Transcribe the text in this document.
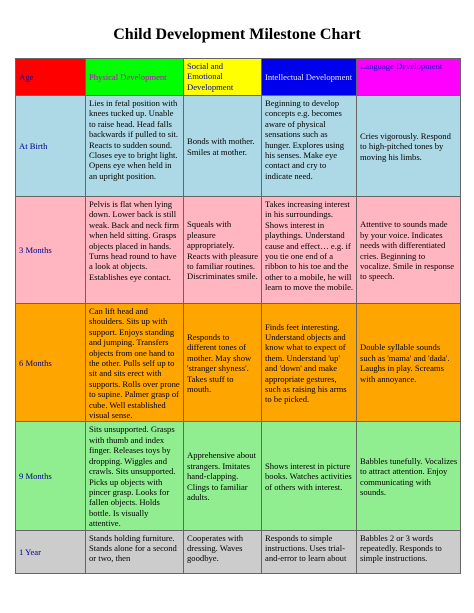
Child Development Milestone Chart
Age	Physical Development	Social and Emotional Development	Intellectual Development	Language Development
At Birth	Lies in fetal position with knees tucked up. Unable to raise head. Head falls backwards if pulled to sit. Reacts to sudden sound. Closes eye to bright light. Opens eye when held in an upright position.	Bonds with mother. Smiles at mother.	Beginning to develop concepts e.g. becomes aware of physical sensations such as hunger. Explores using his senses. Make eye contact and cry to indicate need.	Cries vigorously. Respond to high-pitched tones by moving his limbs.
3 Months	Pelvis is flat when lying down. Lower back is still weak. Back and neck firm when held sitting. Grasps objects placed in hands. Turns head round to have a look at objects. Establishes eye contact.	Squeals with pleasure appropriately. Reacts with pleasure to familiar routines. Discriminates smile.	Takes increasing interest in his surroundings. Shows interest in playthings. Understand cause and effect… e.g. if you tie one end of a ribbon to his toe and the other to a mobile, he will learn to move the mobile.	Attentive to sounds made by your voice. Indicates needs with differentiated cries. Beginning to vocalize. Smile in response to speech.
6 Months	Can lift head and shoulders. Sits up with support. Enjoys standing and jumping. Transfers objects from one hand to the other. Pulls self up to sit and sits erect with supports. Rolls over prone to supine. Palmer grasp of cube. Well established visual sense.	Responds to different tones of mother. May show 'stranger shyness'. Takes stuff to mouth.	Finds feet interesting. Understand objects and know what to expect of them. Understand 'up' and 'down' and make appropriate gestures, such as raising his arms to be picked.	Double syllable sounds such as 'mama' and 'dada'. Laughs in play. Screams with annoyance.
9 Months	Sits unsupported. Grasps with thumb and index finger. Releases toys by dropping. Wiggles and crawls. Sits unsupported. Picks up objects with pincer grasp. Looks for fallen objects. Holds bottle. Is visually attentive.	Apprehensive about strangers. Imitates hand-clapping. Clings to familiar adults.	Shows interest in picture books. Watches activities of others with interest.	Babbles tunefully. Vocalizes to attract attention. Enjoy communicating with sounds.
1 Year	Stands holding furniture. Stands alone for a second or two, then	Cooperates with dressing. Waves goodbye.	Responds to simple instructions. Uses trial-and-error to learn about	Babbles 2 or 3 words repeatedly. Responds to simple instructions.
